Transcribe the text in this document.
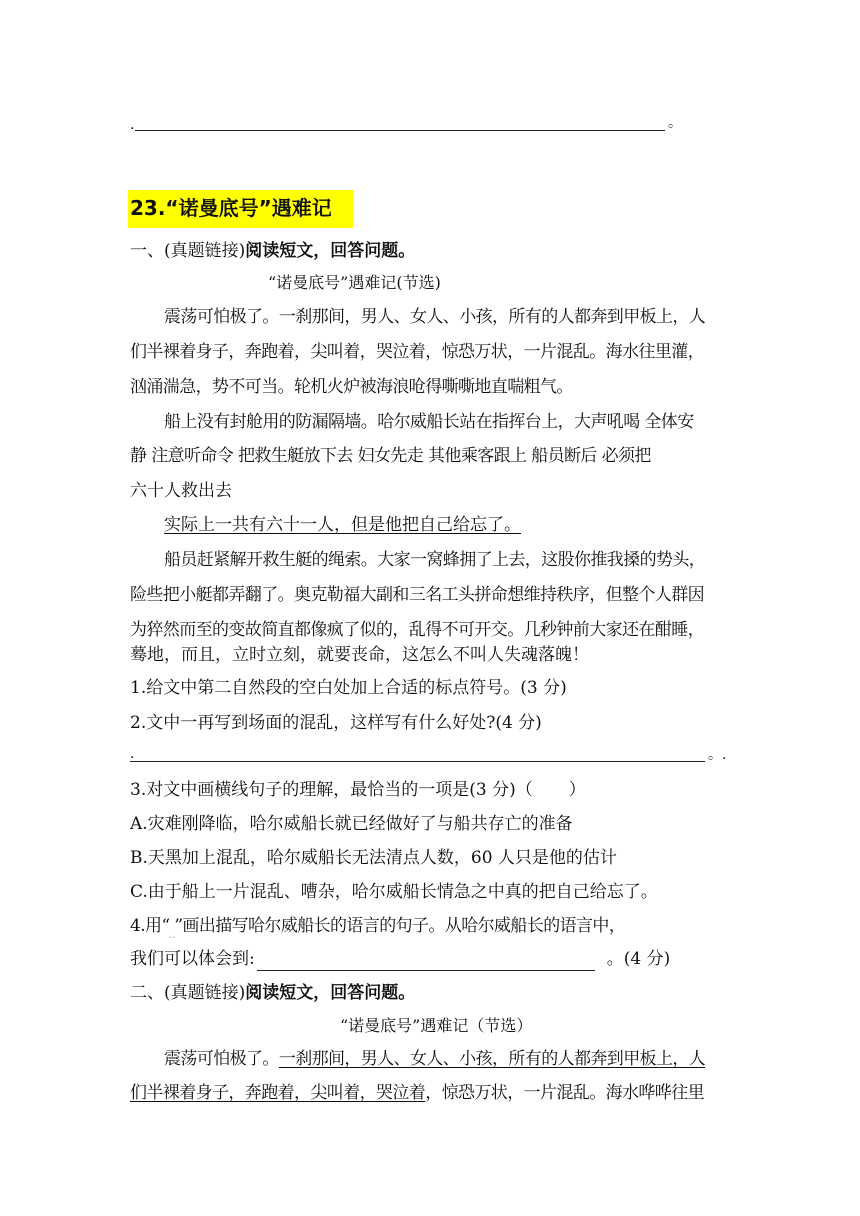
.	。
23.“诺曼底号”遇难记
一、(真题链接)阅读短文，回答问题。
“诺曼底号”遇难记(节选)
震荡可怕极了。一刹那间，男人、女人、小孩，所有的人都奔到甲板上，人
们半裸着身子，奔跑着，尖叫着，哭泣着，惊恐万状，一片混乱。海水往里灌，
汹涌湍急，势不可当。轮机火炉被海浪呛得嘶嘶地直喘粗气。
船上没有封舱用的防漏隔墙。哈尔威船长站在指挥台上，大声吼喝 全体安
静 注意听命令 把救生艇放下去 妇女先走 其他乘客跟上 船员断后 必须把
六十人救出去
实际上一共有六十一人，但是他把自己给忘了。
船员赶紧解开救生艇的绳索。大家一窝蜂拥了上去，这股你推我搡的势头，
险些把小艇都弄翻了。奥克勒福大副和三名工头拼命想维持秩序，但整个人群因
为猝然而至的变故简直都像疯了似的，乱得不可开交。几秒钟前大家还在酣睡，
蓦地，而且，立时立刻，就要丧命，这怎么不叫人失魂落魄！
1.给文中第二自然段的空白处加上合适的标点符号。(3 分)
2.文中一再写到场面的混乱，这样写有什么好处?(4 分)
.	。.
3.对文中画横线句子的理解，最恰当的一项是(3 分)（ ）
A.灾难刚降临，哈尔威船长就已经做好了与船共存亡的准备
B.天黑加上混乱，哈尔威船长无法清点人数，60 人只是他的估计
C.由于船上一片混乱、嘈杂，哈尔威船长情急之中真的把自己给忘了。
4.用“ ”画出描写哈尔威船长的语言的句子。从哈尔威船长的语言中，
我们可以体会到:	。(4 分)
二、(真题链接)阅读短文，回答问题。
“诺曼底号”遇难记（节选）
震荡可怕极了。一刹那间，男人、女人、小孩，所有的人都奔到甲板上，人
们半裸着身子，奔跑着，尖叫着，哭泣着，惊恐万状，一片混乱。海水哗哗往里
